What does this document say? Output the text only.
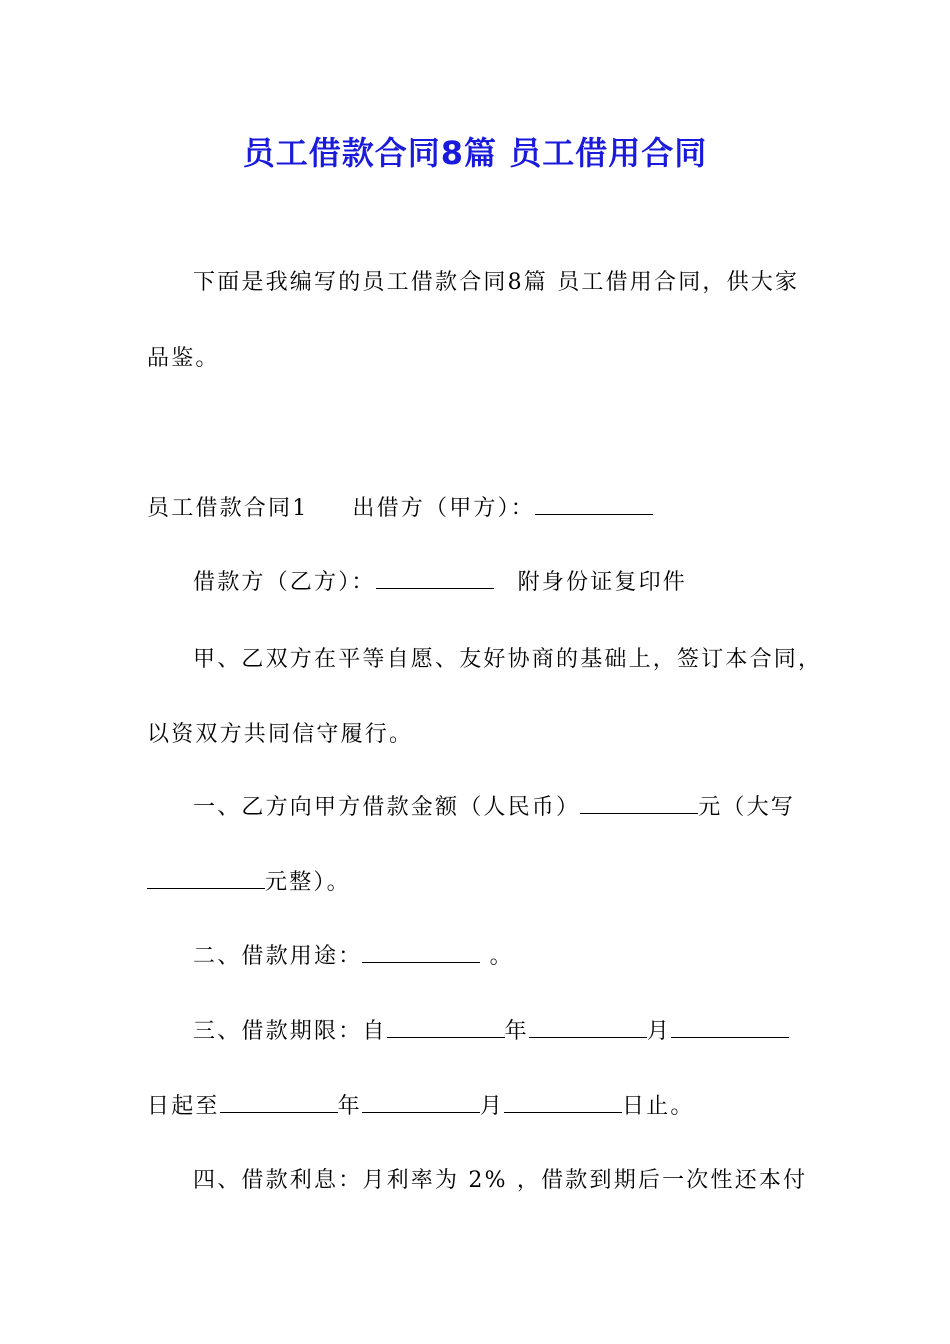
员工借款合同8篇 员工借用合同

下面是我编写的员工借款合同8篇 员工借用合同，供大家

品鉴。

员工借款合同1 出借方（甲方）：

借款方（乙方）：	附身份证复印件

甲、乙双方在平等自愿、友好协商的基础上，签订本合同，

以资双方共同信守履行。

一、乙方向甲方借款金额（人民币）	元（大写

元整）。

二、借款用途：	。

三、借款期限：自	年	月

日起至	年	月	日止。

四、借款利息：月利率为 2% ，借款到期后一次性还本付
